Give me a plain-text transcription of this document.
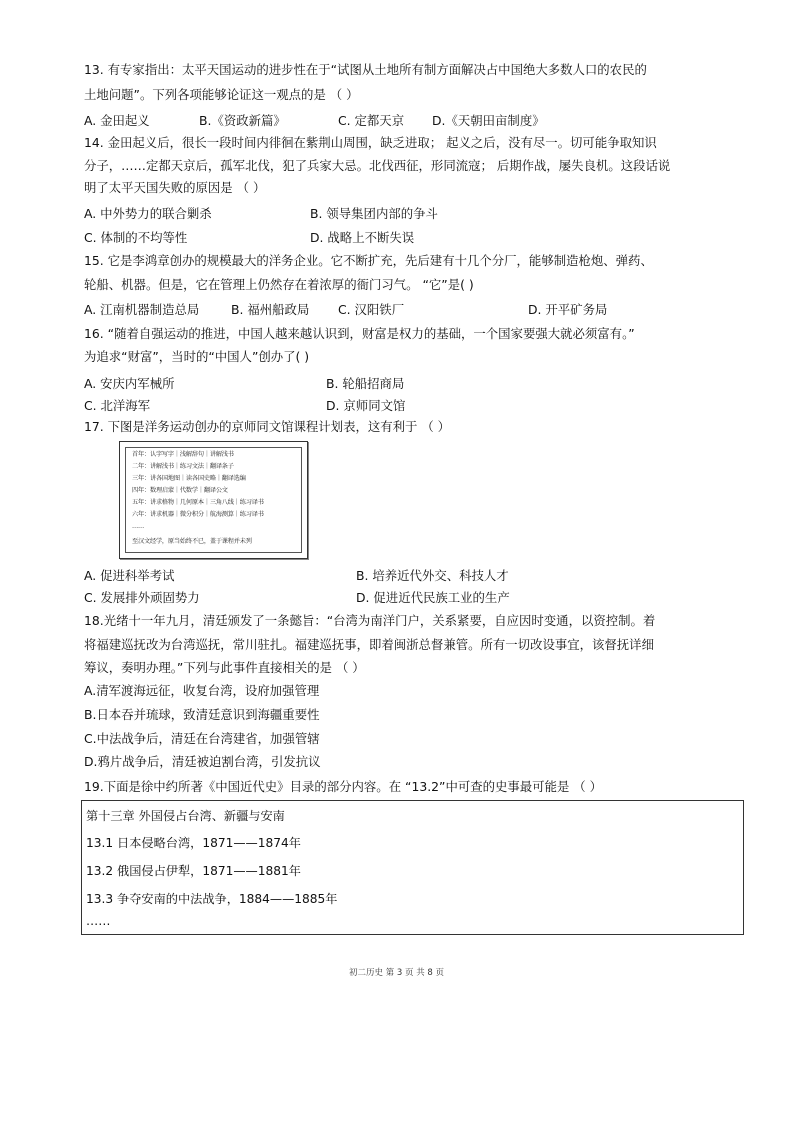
13. 有专家指出：太平天国运动的进步性在于“试图从土地所有制方面解决占中国绝大多数人口的农民的
土地问题”。下列各项能够论证这一观点的是 （ ）
A. 金田起义	B.《资政新篇》	C. 定都天京 D.《天朝田亩制度》
14. 金田起义后，很长一段时间内徘徊在紫荆山周围，缺乏进取； 起义之后，没有尽一。切可能争取知识
分子，……定都天京后，孤军北伐，犯了兵家大忌。北伐西征，形同流寇； 后期作战，屡失良机。这段话说
明了太平天国失败的原因是 （ ）
A. 中外势力的联合剿杀	B. 领导集团内部的争斗
C. 体制的不均等性	D. 战略上不断失误
15. 它是李鸿章创办的规模最大的洋务企业。它不断扩充，先后建有十几个分厂，能够制造枪炮、弹药、
轮船、机器。但是，它在管理上仍然存在着浓厚的衙门习气。 “它”是( )
A. 江南机器制造总局	B. 福州船政局 C. 汉阳铁厂	D. 开平矿务局
16. “随着自强运动的推进，中国人越来越认识到，财富是权力的基础，一个国家要强大就必须富有。”
为追求“财富”，当时的“中国人”创办了( )
A. 安庆内军械所	B. 轮船招商局
C. 北洋海军	D. 京师同文馆
17. 下图是洋务运动创办的京师同文馆课程计划表，这有利于 （ ）
首年：认字写字｜浅解辞句｜讲解浅书
二年：讲解浅书｜练习文法｜翻译条子
三年：讲各国地图｜读各国史略｜翻译选编
四年：数理启蒙｜代数学｜翻译公文
五年：讲求格物｜几何原本｜三角八线｜练习译书
六年：讲求机器｜微分积分｜航海测算｜练习译书
……
至汉文经学，原当始终不已，盖于课程并未列
A. 促进科举考试	B. 培养近代外交、科技人才
C. 发展排外顽固势力	D. 促进近代民族工业的生产
18.光绪十一年九月，清廷颁发了一条懿旨：“台湾为南洋门户，关系紧要，自应因时变通，以资控制。着
将福建巡抚改为台湾巡抚，常川驻扎。福建巡抚事，即着闽浙总督兼管。所有一切改设事宜，该督抚详细
筹议，奏明办理。”下列与此事件直接相关的是 （ ）
A.清军渡海远征，收复台湾，设府加强管理
B.日本吞并琉球，致清廷意识到海疆重要性
C.中法战争后，清廷在台湾建省，加强管辖
D.鸦片战争后，清廷被迫割台湾，引发抗议
19.下面是徐中约所著《中国近代史》目录的部分内容。在 “13.2”中可查的史事最可能是 （ ）
第十三章 外国侵占台湾、新疆与安南
13.1 日本侵略台湾，1871——1874年
13.2 俄国侵占伊犁，1871——1881年
13.3 争夺安南的中法战争，1884——1885年
……
初二历史 第 3 页 共 8 页
